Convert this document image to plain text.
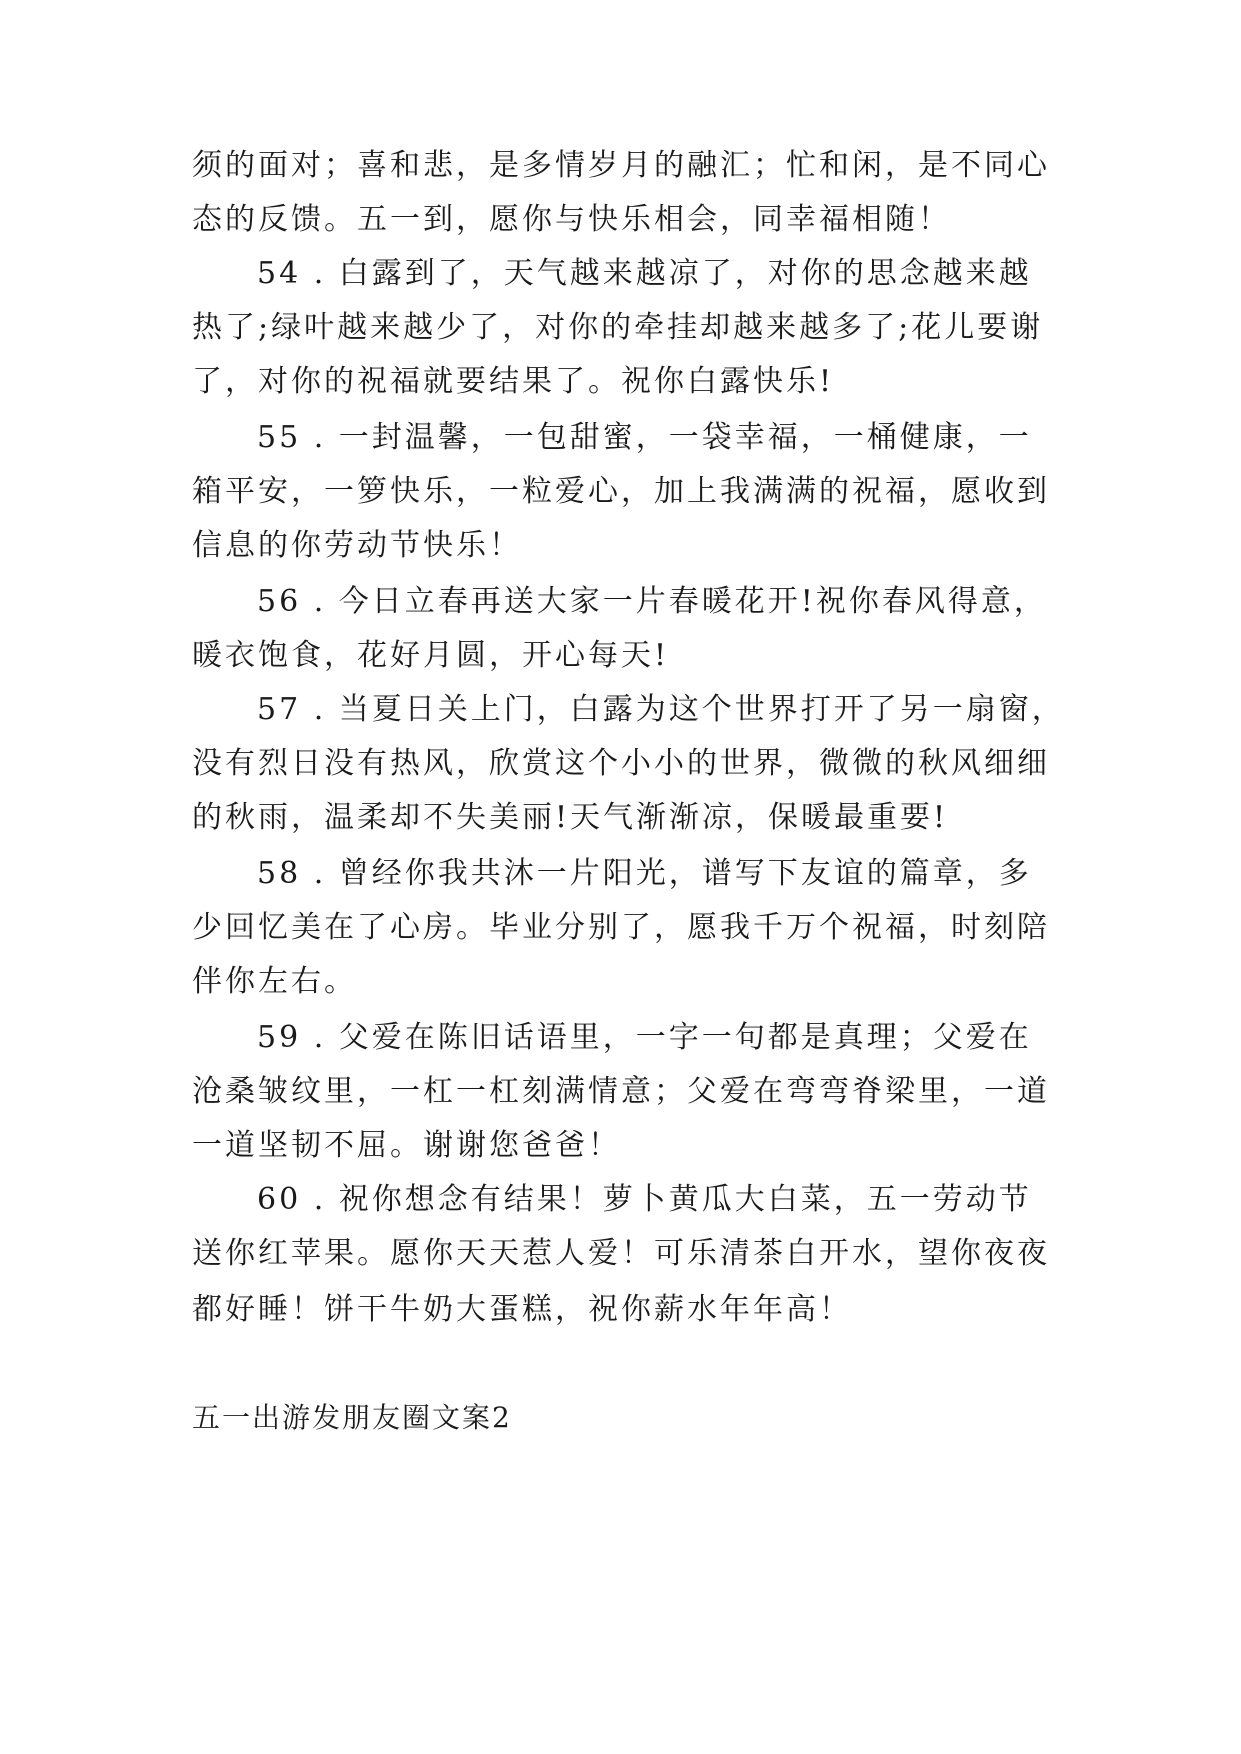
须的面对；喜和悲，是多情岁月的融汇；忙和闲，是不同心
态的反馈。五一到，愿你与快乐相会，同幸福相随！
54 . 白露到了，天气越来越凉了，对你的思念越来越
热了;绿叶越来越少了，对你的牵挂却越来越多了;花儿要谢
了，对你的祝福就要结果了。祝你白露快乐!
55 . 一封温馨，一包甜蜜，一袋幸福，一桶健康，一
箱平安，一箩快乐，一粒爱心，加上我满满的祝福，愿收到
信息的你劳动节快乐！
56 . 今日立春再送大家一片春暖花开!祝你春风得意，
暖衣饱食，花好月圆，开心每天!
57 . 当夏日关上门，白露为这个世界打开了另一扇窗，
没有烈日没有热风，欣赏这个小小的世界，微微的秋风细细
的秋雨，温柔却不失美丽!天气渐渐凉，保暖最重要!
58 . 曾经你我共沐一片阳光，谱写下友谊的篇章，多
少回忆美在了心房。毕业分别了，愿我千万个祝福，时刻陪
伴你左右。
59 . 父爱在陈旧话语里，一字一句都是真理；父爱在
沧桑皱纹里，一杠一杠刻满情意；父爱在弯弯脊梁里，一道
一道坚韧不屈。谢谢您爸爸！
60 . 祝你想念有结果！萝卜黄瓜大白菜，五一劳动节
送你红苹果。愿你天天惹人爱！可乐清茶白开水，望你夜夜
都好睡！饼干牛奶大蛋糕，祝你薪水年年高！
五一出游发朋友圈文案2
